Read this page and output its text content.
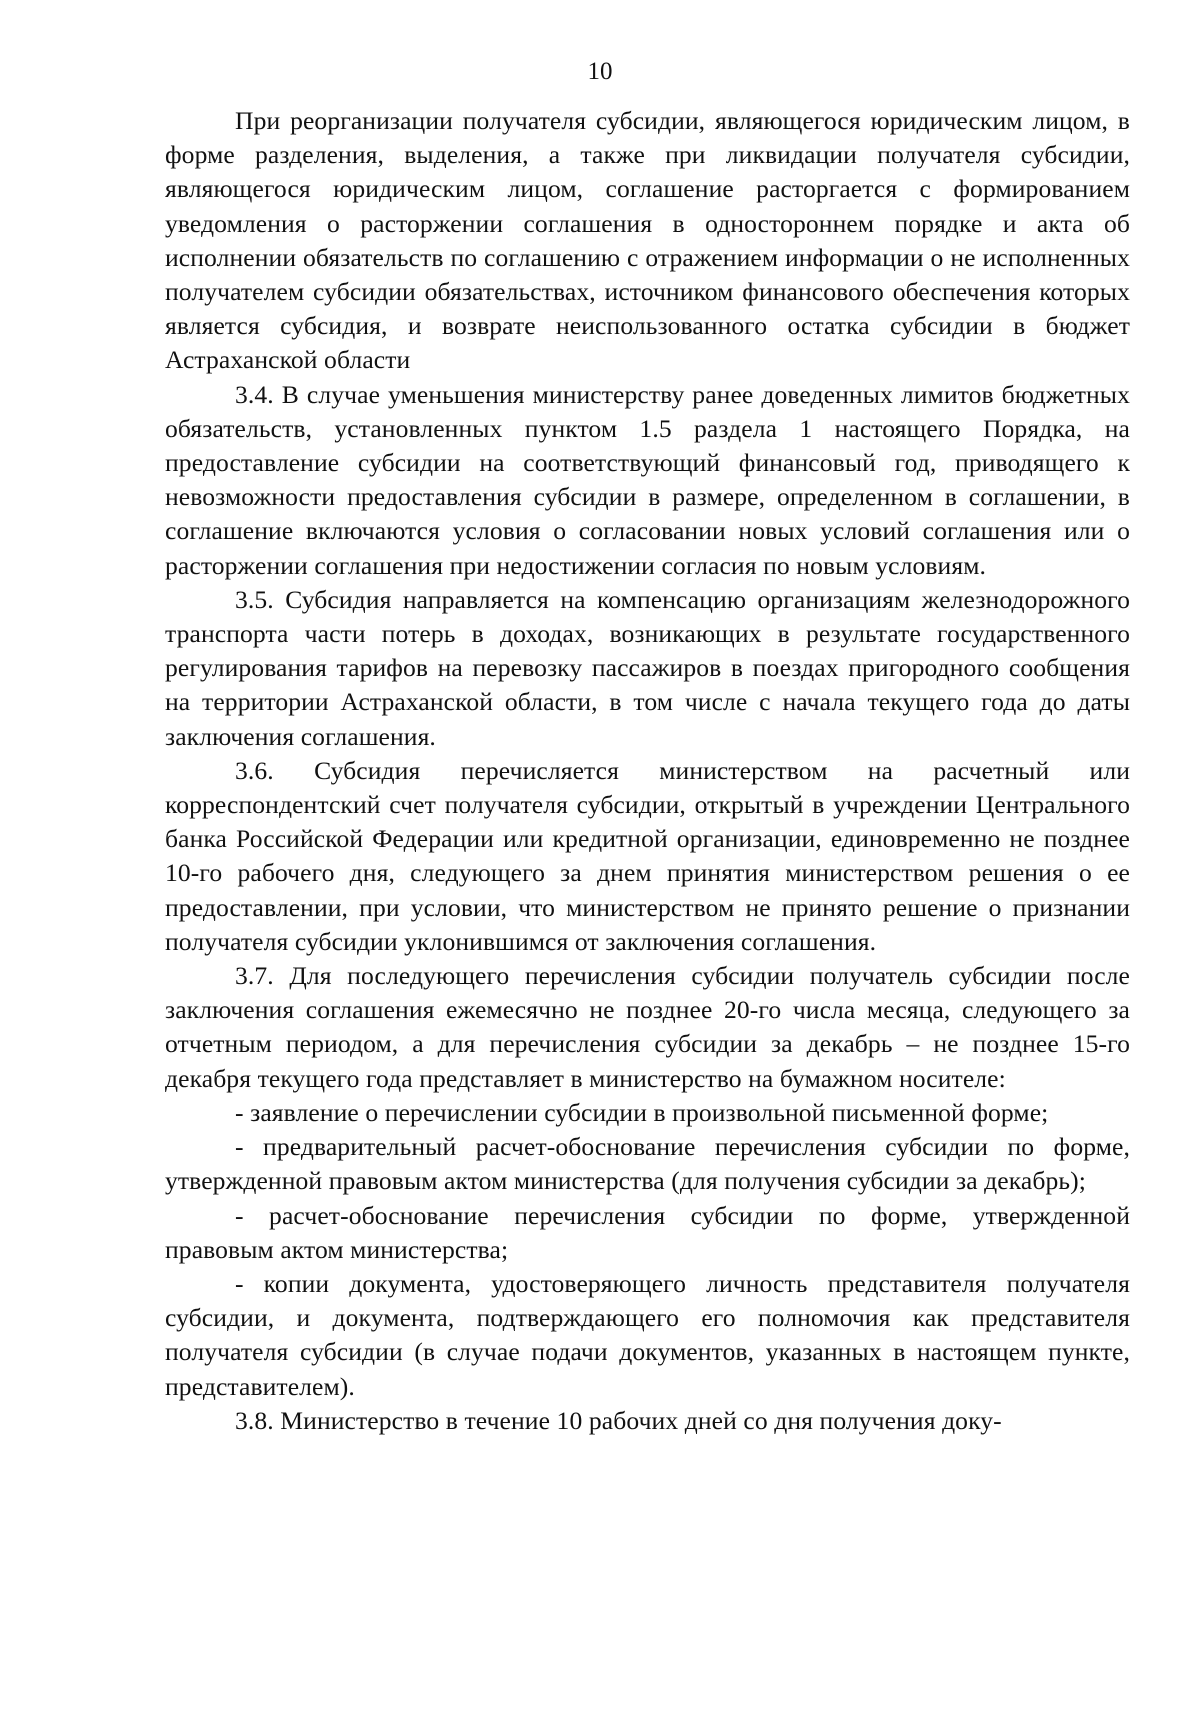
10

При реорганизации получателя субсидии, являющегося юридическим лицом, в форме разделения, выделения, а также при ликвидации получателя субсидии, являющегося юридическим лицом, соглашение расторгается с формированием уведомления о расторжении соглашения в одностороннем порядке и акта об исполнении обязательств по соглашению с отражением информации о не исполненных получателем субсидии обязательствах, источником финансового обеспечения которых является субсидия, и возврате неиспользованного остатка субсидии в бюджет Астраханской области

3.4. В случае уменьшения министерству ранее доведенных лимитов бюджетных обязательств, установленных пунктом 1.5 раздела 1 настоящего Порядка, на предоставление субсидии на соответствующий финансовый год, приводящего к невозможности предоставления субсидии в размере, определенном в соглашении, в соглашение включаются условия о согласовании новых условий соглашения или о расторжении соглашения при недостижении согласия по новым условиям.

3.5. Субсидия направляется на компенсацию организациям железнодорожного транспорта части потерь в доходах, возникающих в результате государственного регулирования тарифов на перевозку пассажиров в поездах пригородного сообщения на территории Астраханской области, в том числе с начала текущего года до даты заключения соглашения.

3.6. Субсидия перечисляется министерством на расчетный или корреспондентский счет получателя субсидии, открытый в учреждении Центрального банка Российской Федерации или кредитной организации, единовременно не позднее 10-го рабочего дня, следующего за днем принятия министерством решения о ее предоставлении, при условии, что министерством не принято решение о признании получателя субсидии уклонившимся от заключения соглашения.

3.7. Для последующего перечисления субсидии получатель субсидии после заключения соглашения ежемесячно не позднее 20-го числа месяца, следующего за отчетным периодом, а для перечисления субсидии за декабрь – не позднее 15-го декабря текущего года представляет в министерство на бумажном носителе:

- заявление о перечислении субсидии в произвольной письменной форме;

- предварительный расчет-обоснование перечисления субсидии по форме, утвержденной правовым актом министерства (для получения субсидии за декабрь);

- расчет-обоснование перечисления субсидии по форме, утвержденной правовым актом министерства;

- копии документа, удостоверяющего личность представителя получателя субсидии, и документа, подтверждающего его полномочия как представителя получателя субсидии (в случае подачи документов, указанных в настоящем пункте, представителем).

3.8. Министерство в течение 10 рабочих дней со дня получения доку-
